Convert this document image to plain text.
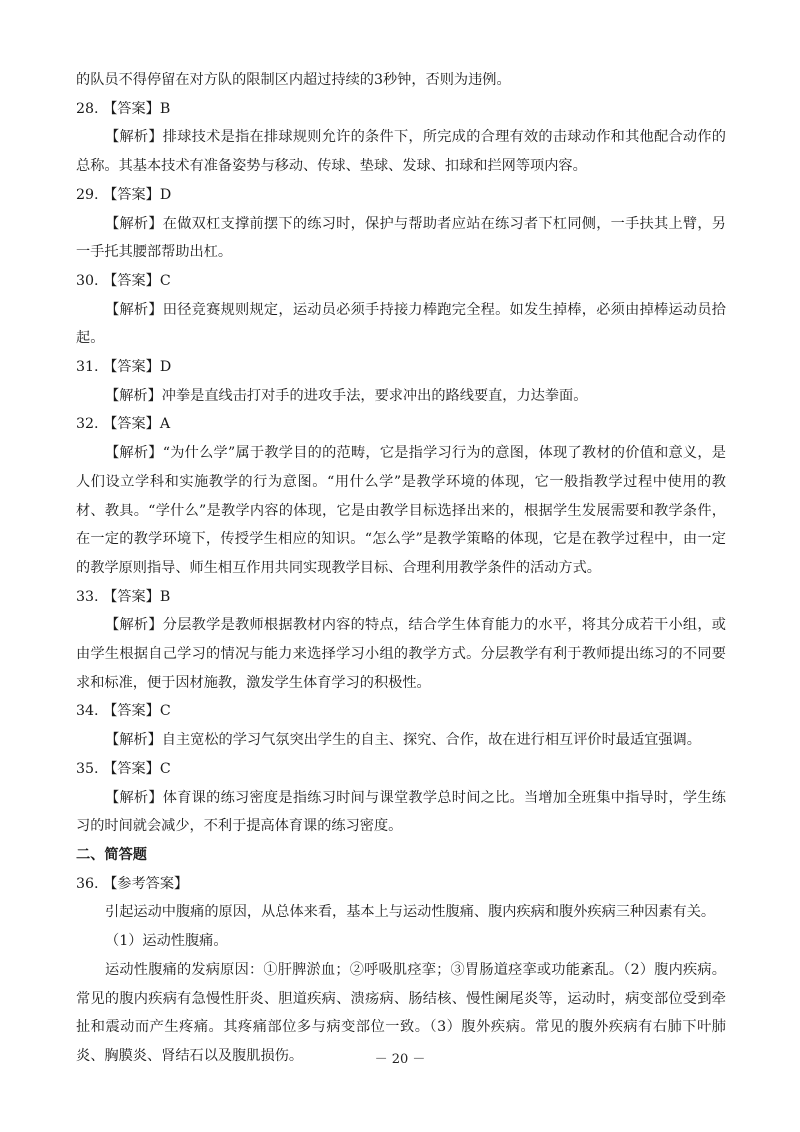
的队员不得停留在对方队的限制区内超过持续的3秒钟，否则为违例。

28. 【答案】B

【解析】排球技术是指在排球规则允许的条件下，所完成的合理有效的击球动作和其他配合动作的总称。其基本技术有准备姿势与移动、传球、垫球、发球、扣球和拦网等项内容。

29. 【答案】D

【解析】在做双杠支撑前摆下的练习时，保护与帮助者应站在练习者下杠同侧，一手扶其上臂，另一手托其腰部帮助出杠。

30. 【答案】C

【解析】田径竞赛规则规定，运动员必须手持接力棒跑完全程。如发生掉棒，必须由掉棒运动员拾起。

31. 【答案】D

【解析】冲拳是直线击打对手的进攻手法，要求冲出的路线要直，力达拳面。

32. 【答案】A

【解析】“为什么学”属于教学目的的范畴，它是指学习行为的意图，体现了教材的价值和意义，是人们设立学科和实施教学的行为意图。“用什么学”是教学环境的体现，它一般指教学过程中使用的教材、教具。“学什么”是教学内容的体现，它是由教学目标选择出来的，根据学生发展需要和教学条件，在一定的教学环境下，传授学生相应的知识。“怎么学”是教学策略的体现，它是在教学过程中，由一定的教学原则指导、师生相互作用共同实现教学目标、合理利用教学条件的活动方式。

33. 【答案】B

【解析】分层教学是教师根据教材内容的特点，结合学生体育能力的水平，将其分成若干小组，或由学生根据自己学习的情况与能力来选择学习小组的教学方式。分层教学有利于教师提出练习的不同要求和标准，便于因材施教，激发学生体育学习的积极性。

34. 【答案】C

【解析】自主宽松的学习气氛突出学生的自主、探究、合作，故在进行相互评价时最适宜强调。

35. 【答案】C

【解析】体育课的练习密度是指练习时间与课堂教学总时间之比。当增加全班集中指导时，学生练习的时间就会减少，不利于提高体育课的练习密度。

二、简答题

36. 【参考答案】

引起运动中腹痛的原因，从总体来看，基本上与运动性腹痛、腹内疾病和腹外疾病三种因素有关。

（1）运动性腹痛。

运动性腹痛的发病原因：①肝脾淤血；②呼吸肌痉挛；③胃肠道痉挛或功能紊乱。（2）腹内疾病。常见的腹内疾病有急慢性肝炎、胆道疾病、溃疡病、肠结核、慢性阑尾炎等，运动时，病变部位受到牵扯和震动而产生疼痛。其疼痛部位多与病变部位一致。（3）腹外疾病。常见的腹外疾病有右肺下叶肺炎、胸膜炎、肾结石以及腹肌损伤。	－ 20 －
